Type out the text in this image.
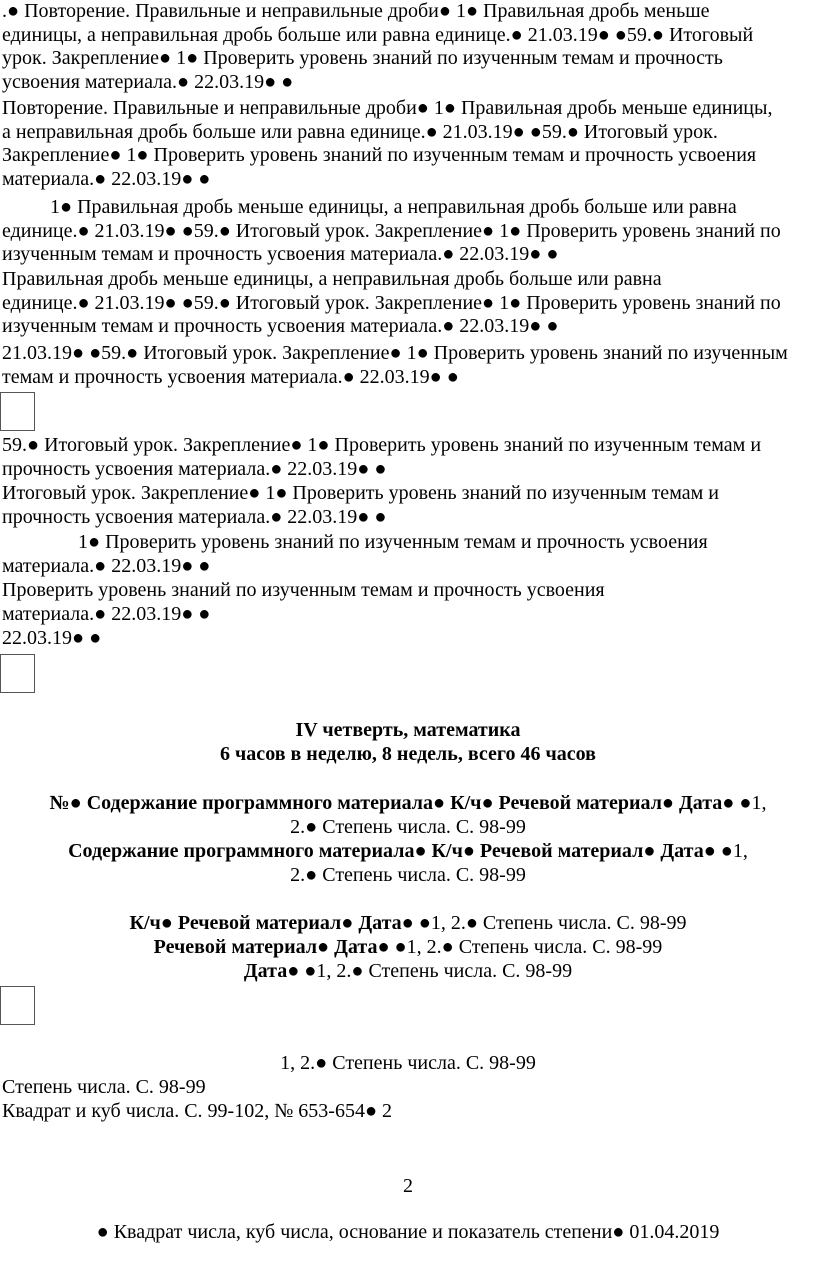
.● Повторение. Правильные и неправильные дроби● 1● Правильная дробь меньше
единицы, а неправильная дробь больше или равна единице.● 21.03.19● ●59.● Итоговый
урок. Закрепление● 1● Проверить уровень знаний по изученным темам и прочность
усвоения материала.● 22.03.19● ●
Повторение. Правильные и неправильные дроби● 1● Правильная дробь меньше единицы,
а неправильная дробь больше или равна единице.● 21.03.19● ●59.● Итоговый урок.
Закрепление● 1● Проверить уровень знаний по изученным темам и прочность усвоения
материала.● 22.03.19● ●
1● Правильная дробь меньше единицы, а неправильная дробь больше или равна
единице.● 21.03.19● ●59.● Итоговый урок. Закрепление● 1● Проверить уровень знаний по
изученным темам и прочность усвоения материала.● 22.03.19● ●
Правильная дробь меньше единицы, а неправильная дробь больше или равна
единице.● 21.03.19● ●59.● Итоговый урок. Закрепление● 1● Проверить уровень знаний по
изученным темам и прочность усвоения материала.● 22.03.19● ●
21.03.19● ●59.● Итоговый урок. Закрепление● 1● Проверить уровень знаний по изученным
темам и прочность усвоения материала.● 22.03.19● ●
59.● Итоговый урок. Закрепление● 1● Проверить уровень знаний по изученным темам и
прочность усвоения материала.● 22.03.19● ●
Итоговый урок. Закрепление● 1● Проверить уровень знаний по изученным темам и
прочность усвоения материала.● 22.03.19● ●
1● Проверить уровень знаний по изученным темам и прочность усвоения
материала.● 22.03.19● ●
Проверить уровень знаний по изученным темам и прочность усвоения
материала.● 22.03.19● ●
22.03.19● ●
IV четверть, математика
6 часов в неделю, 8 недель, всего 46 часов
№● Содержание программного материала● К/ч● Речевой материал● Дата● ●1,
2.● Степень числа. С. 98-99
Содержание программного материала● К/ч● Речевой материал● Дата● ●1,
2.● Степень числа. С. 98-99
К/ч● Речевой материал● Дата● ●1, 2.● Степень числа. С. 98-99
Речевой материал● Дата● ●1, 2.● Степень числа. С. 98-99
Дата● ●1, 2.● Степень числа. С. 98-99
1, 2.● Степень числа. С. 98-99
Степень числа. С. 98-99
Квадрат и куб числа. С. 99-102, № 653-654● 2
2
● Квадрат числа, куб числа, основание и показатель степени● 01.04.2019
